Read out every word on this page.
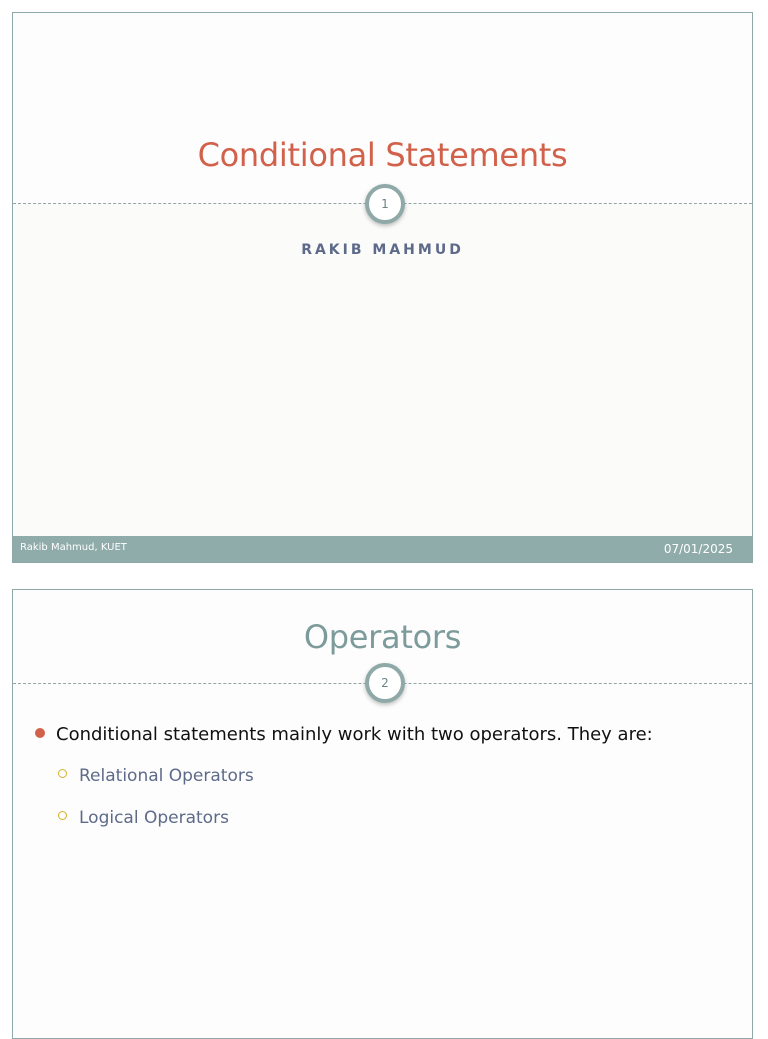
Conditional Statements
1
RAKIB MAHMUD
Rakib Mahmud, KUET	07/01/2025
Operators
2
Conditional statements mainly work with two operators. They are:
Relational Operators
Logical Operators
